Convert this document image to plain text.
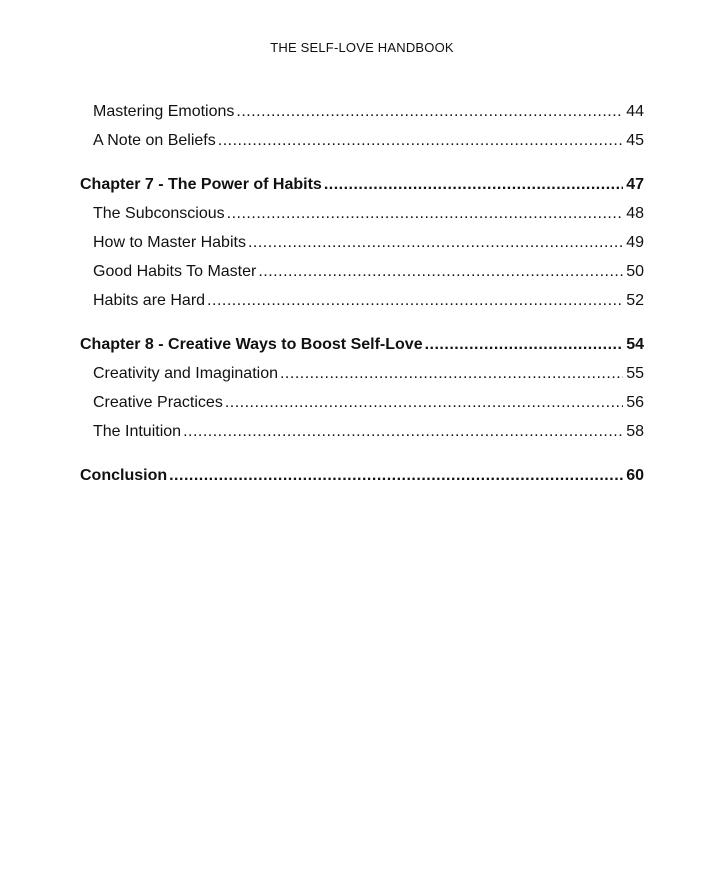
THE SELF-LOVE HANDBOOK
Mastering Emotions .....	44
A Note on Beliefs .....	45
Chapter 7 - The Power of Habits .....	47
The Subconscious .....	48
How to Master Habits .....	49
Good Habits To Master .....	50
Habits are Hard .....	52
Chapter 8 - Creative Ways to Boost Self-Love .....	54
Creativity and Imagination .....	55
Creative Practices .....	56
The Intuition .....	58
Conclusion .....	60
